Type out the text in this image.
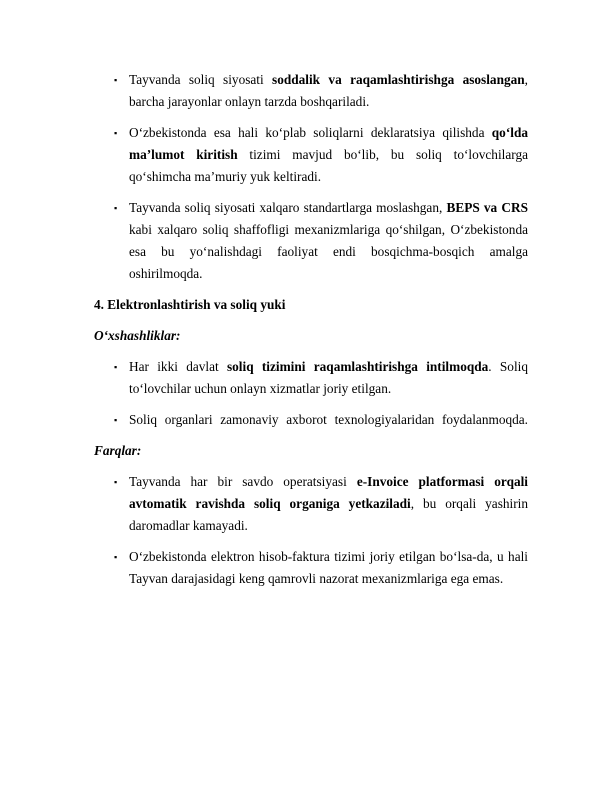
▪ Tayvanda soliq siyosati soddalik va raqamlashtirishga asoslangan, barcha jarayonlar onlayn tarzda boshqariladi.

▪ O‘zbekistonda esa hali ko‘plab soliqlarni deklaratsiya qilishda qo‘lda ma’lumot kiritish tizimi mavjud bo‘lib, bu soliq to‘lovchilarga qo‘shimcha ma’muriy yuk keltiradi.

▪ Tayvanda soliq siyosati xalqaro standartlarga moslashgan, BEPS va CRS kabi xalqaro soliq shaffofligi mexanizmlariga qo‘shilgan, O‘zbekistonda esa bu yo‘nalishdagi faoliyat endi bosqichma-bosqich amalga oshirilmoqda.

4. Elektronlashtirish va soliq yuki
O‘xshashliklar:
▪ Har ikki davlat soliq tizimini raqamlashtirishga intilmoqda. Soliq to‘lovchilar uchun onlayn xizmatlar joriy etilgan.

▪ Soliq organlari zamonaviy axborot texnologiyalaridan foydalanmoqda.

Farqlar:
▪ Tayvanda har bir savdo operatsiyasi e-Invoice platformasi orqali avtomatik ravishda soliq organiga yetkaziladi, bu orqali yashirin daromadlar kamayadi.

▪ O‘zbekistonda elektron hisob-faktura tizimi joriy etilgan bo‘lsa-da, u hali Tayvan darajasidagi keng qamrovli nazorat mexanizmlariga ega emas.
